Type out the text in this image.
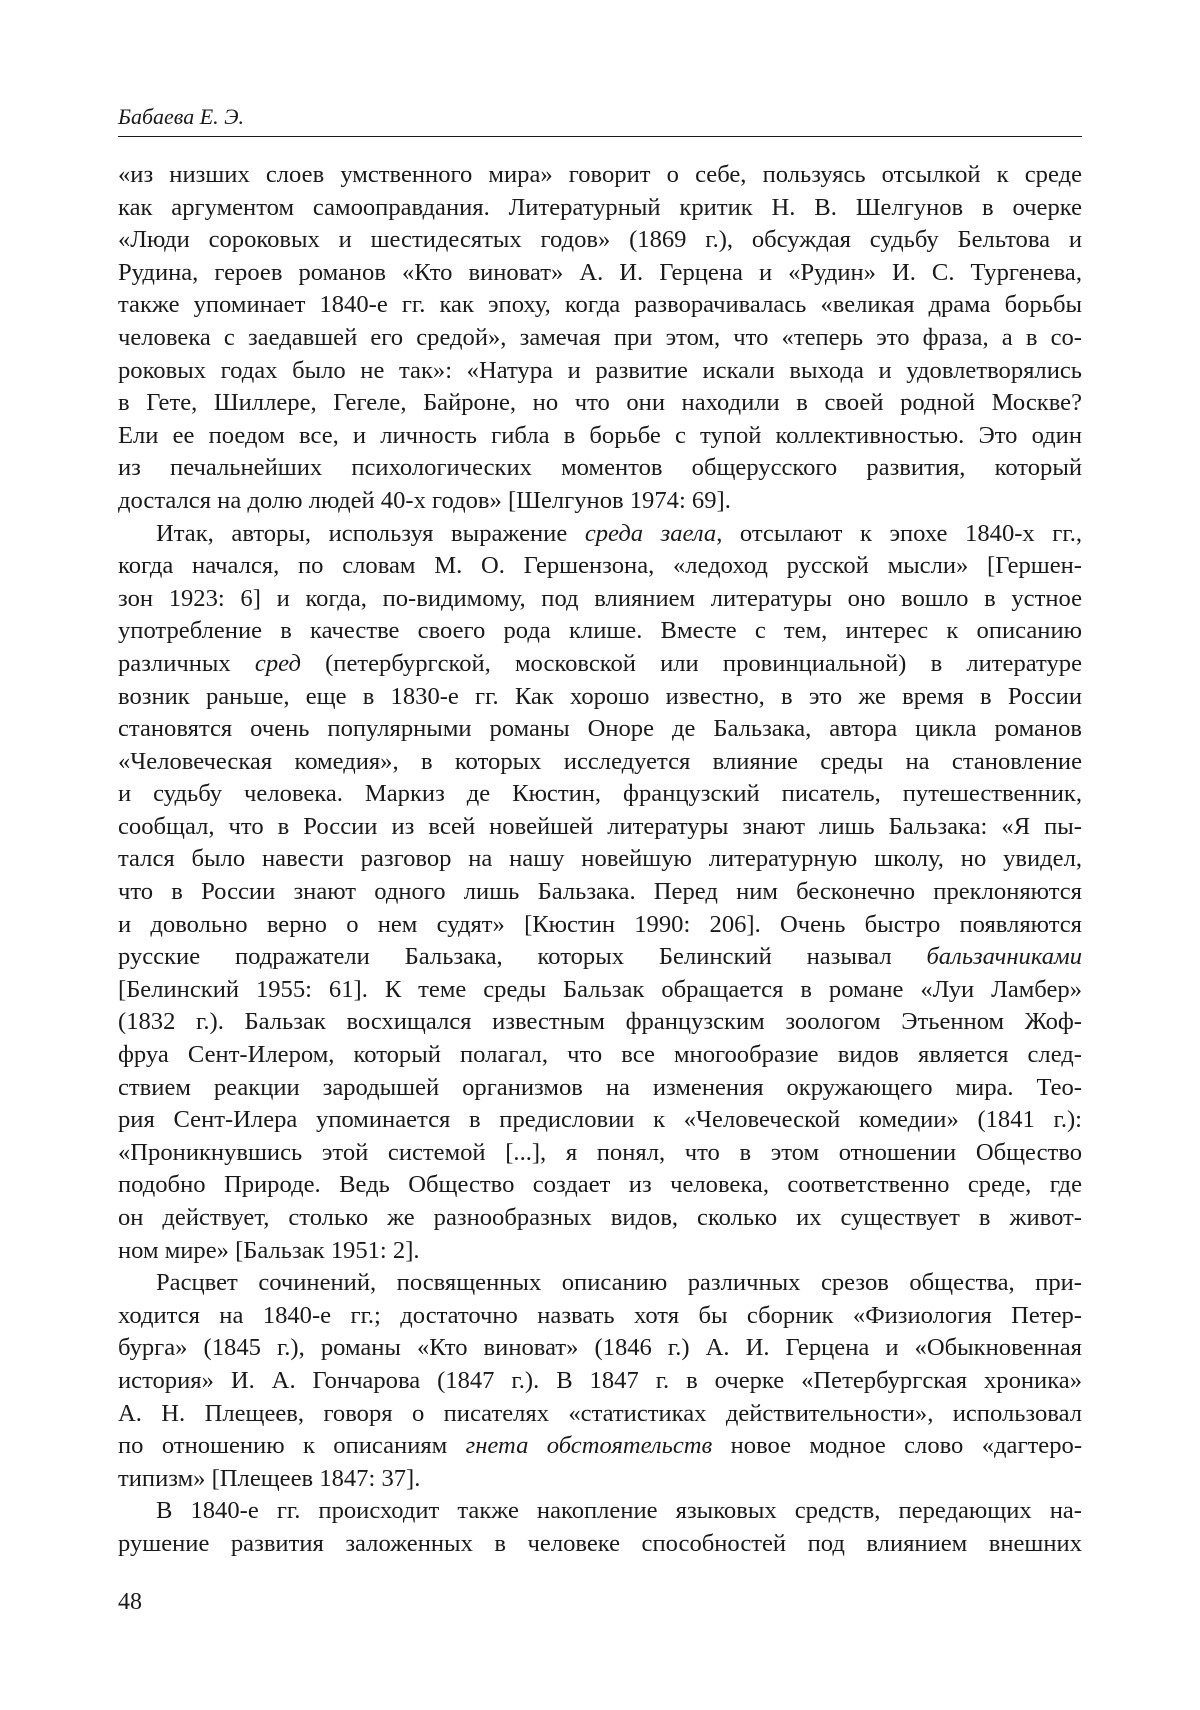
Бабаева Е. Э.
«из низших слоев умственного мира» говорит о себе, пользуясь отсылкой к среде
как аргументом самооправдания. Литературный критик Н. В. Шелгунов в очерке
«Люди сороковых и шестидесятых годов» (1869 г.), обсуждая судьбу Бельтова и
Рудина, героев романов «Кто виноват» А. И. Герцена и «Рудин» И. С. Тургенева,
также упоминает 1840-е гг. как эпоху, когда разворачивалась «великая драма борьбы
человека с заедавшей его средой», замечая при этом, что «теперь это фраза, а в со-
роковых годах было не так»: «Натура и развитие искали выхода и удовлетворялись
в Гете, Шиллере, Гегеле, Байроне, но что они находили в своей родной Москве?
Ели ее поедом все, и личность гибла в борьбе с тупой коллективностью. Это один
из печальнейших психологических моментов общерусского развития, который
достался на долю людей 40-х годов» [Шелгунов 1974: 69].
Итак, авторы, используя выражение среда заела, отсылают к эпохе 1840-х гг.,
когда начался, по словам М. О. Гершензона, «ледоход русской мысли» [Гершен-
зон 1923: 6] и когда, по-видимому, под влиянием литературы оно вошло в устное
употребление в качестве своего рода клише. Вместе с тем, интерес к описанию
различных сред (петербургской, московской или провинциальной) в литературе
возник раньше, еще в 1830-е гг. Как хорошо известно, в это же время в России
становятся очень популярными романы Оноре де Бальзака, автора цикла романов
«Человеческая комедия», в которых исследуется влияние среды на становление
и судьбу человека. Маркиз де Кюстин, французский писатель, путешественник,
сообщал, что в России из всей новейшей литературы знают лишь Бальзака: «Я пы-
тался было навести разговор на нашу новейшую литературную школу, но увидел,
что в России знают одного лишь Бальзака. Перед ним бесконечно преклоняются
и довольно верно о нем судят» [Кюстин 1990: 206]. Очень быстро появляются
русские подражатели Бальзака, которых Белинский называл бальзачниками
[Белинский 1955: 61]. К теме среды Бальзак обращается в романе «Луи Ламбер»
(1832 г.). Бальзак восхищался известным французским зоологом Этьенном Жоф-
фруа Сент-Илером, который полагал, что все многообразие видов является след-
ствием реакции зародышей организмов на изменения окружающего мира. Тео-
рия Сент-Илера упоминается в предисловии к «Человеческой комедии» (1841 г.):
«Проникнувшись этой системой [...], я понял, что в этом отношении Общество
подобно Природе. Ведь Общество создает из человека, соответственно среде, где
он действует, столько же разнообразных видов, сколько их существует в живот-
ном мире» [Бальзак 1951: 2].
Расцвет сочинений, посвященных описанию различных срезов общества, при-
ходится на 1840-е гг.; достаточно назвать хотя бы сборник «Физиология Петер-
бурга» (1845 г.), романы «Кто виноват» (1846 г.) А. И. Герцена и «Обыкновенная
история» И. А. Гончарова (1847 г.). В 1847 г. в очерке «Петербургская хроника»
А. Н. Плещеев, говоря о писателях «статистиках действительности», использовал
по отношению к описаниям гнета обстоятельств новое модное слово «дагтеро-
типизм» [Плещеев 1847: 37].
В 1840-е гг. происходит также накопление языковых средств, передающих на-
рушение развития заложенных в человеке способностей под влиянием внешних
48
